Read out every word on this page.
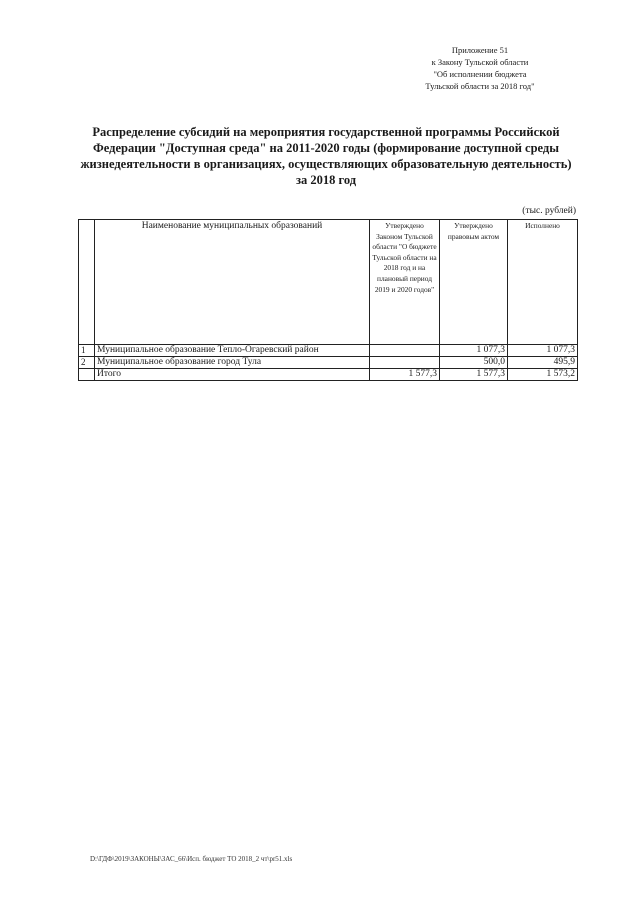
Приложение 51
к Закону Тульской области
"Об исполнении бюджета
Тульской области за 2018 год"
Распределение субсидий на мероприятия государственной программы Российской
Федерации "Доступная среда" на 2011-2020 годы (формирование доступной среды
жизнедеятельности в организациях, осуществляющих образовательную деятельность)
за 2018 год
(тыс. рублей)
	Наименование муниципальных образований	Утверждено Законом Тульской области "О бюджете Тульской области на 2018 год и на плановый период 2019 и 2020 годов"	Утверждено правовым актом	Исполнено
1	Муниципальное образование Тепло-Огаревский район		1 077,3	1 077,3
2	Муниципальное образование город Тула		500,0	495,9
	Итого	1 577,3	1 577,3	1 573,2
D:\ГДФ\2019\ЗАКОНЫ\ЗАС_66\Исп. бюджет ТО 2018_2 чт\pr51.xls
